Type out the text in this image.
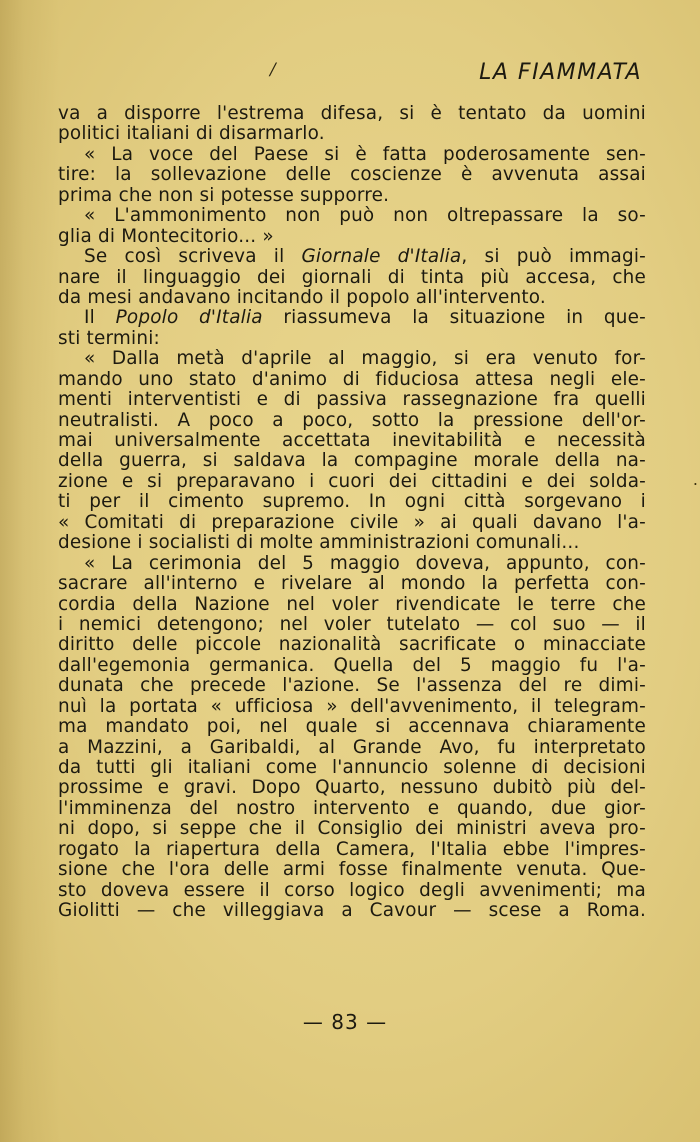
/	LA FIAMMATA
va a disporre l'estrema difesa, si è tentato da uomini
politici italiani di disarmarlo.
« La voce del Paese si è fatta poderosamente sen-
tire: la sollevazione delle coscienze è avvenuta assai
prima che non si potesse supporre.
« L'ammonimento non può non oltrepassare la so-
glia di Montecitorio... »
Se così scriveva il Giornale d'Italia, si può immagi-
nare il linguaggio dei giornali di tinta più accesa, che
da mesi andavano incitando il popolo all'intervento.
Il Popolo d'Italia riassumeva la situazione in que-
sti termini:
« Dalla metà d'aprile al maggio, si era venuto for-
mando uno stato d'animo di fiduciosa attesa negli ele-
menti interventisti e di passiva rassegnazione fra quelli
neutralisti. A poco a poco, sotto la pressione dell'or-
mai universalmente accettata inevitabilità e necessità
della guerra, si saldava la compagine morale della na-
zione e si preparavano i cuori dei cittadini e dei solda-
ti per il cimento supremo. In ogni città sorgevano i
« Comitati di preparazione civile » ai quali davano l'a-
desione i socialisti di molte amministrazioni comunali...
« La cerimonia del 5 maggio doveva, appunto, con-
sacrare all'interno e rivelare al mondo la perfetta con-
cordia della Nazione nel voler rivendicate le terre che
i nemici detengono; nel voler tutelato — col suo — il
diritto delle piccole nazionalità sacrificate o minacciate
dall'egemonia germanica. Quella del 5 maggio fu l'a-
dunata che precede l'azione. Se l'assenza del re dimi-
nuì la portata « ufficiosa » dell'avvenimento, il telegram-
ma mandato poi, nel quale si accennava chiaramente
a Mazzini, a Garibaldi, al Grande Avo, fu interpretato
da tutti gli italiani come l'annuncio solenne di decisioni
prossime e gravi. Dopo Quarto, nessuno dubitò più del-
l'imminenza del nostro intervento e quando, due gior-
ni dopo, si seppe che il Consiglio dei ministri aveva pro-
rogato la riapertura della Camera, l'Italia ebbe l'impres-
sione che l'ora delle armi fosse finalmente venuta. Que-
sto doveva essere il corso logico degli avvenimenti; ma
Giolitti — che villeggiava a Cavour — scese a Roma.
.
— 83 —
